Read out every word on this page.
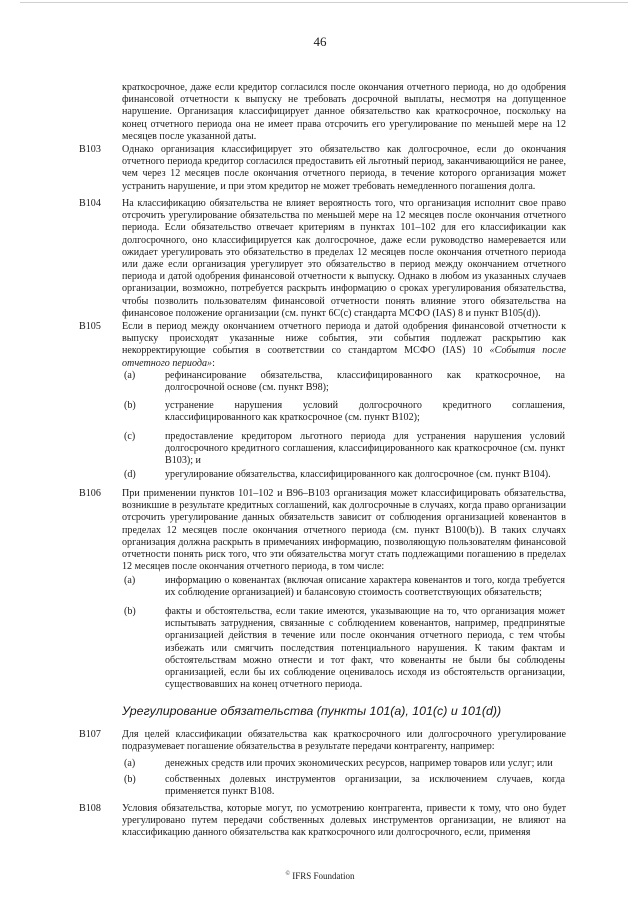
46
краткосрочное, даже если кредитор согласился после окончания отчетного периода, но до одобрения финансовой отчетности к выпуску не требовать досрочной выплаты, несмотря на допущенное нарушение. Организация классифицирует данное обязательство как краткосрочное, поскольку на конец отчетного периода она не имеет права отсрочить его урегулирование по меньшей мере на 12 месяцев после указанной даты.
B103 Однако организация классифицирует это обязательство как долгосрочное, если до окончания отчетного периода кредитор согласился предоставить ей льготный период, заканчивающийся не ранее, чем через 12 месяцев после окончания отчетного периода, в течение которого организация может устранить нарушение, и при этом кредитор не может требовать немедленного погашения долга.
B104 На классификацию обязательства не влияет вероятность того, что организация исполнит свое право отсрочить урегулирование обязательства по меньшей мере на 12 месяцев после окончания отчетного периода. Если обязательство отвечает критериям в пунктах 101–102 для его классификации как долгосрочного, оно классифицируется как долгосрочное, даже если руководство намеревается или ожидает урегулировать это обязательство в пределах 12 месяцев после окончания отчетного периода или даже если организация урегулирует это обязательство в период между окончанием отчетного периода и датой одобрения финансовой отчетности к выпуску. Однако в любом из указанных случаев организации, возможно, потребуется раскрыть информацию о сроках урегулирования обязательства, чтобы позволить пользователям финансовой отчетности понять влияние этого обязательства на финансовое положение организации (см. пункт 6С(с) стандарта МСФО (IAS) 8 и пункт B105(d)).
B105 Если в период между окончанием отчетного периода и датой одобрения финансовой отчетности к выпуску происходят указанные ниже события, эти события подлежат раскрытию как некорректирующие события в соответствии со стандартом МСФО (IAS) 10 «События после отчетного периода»:
(a)	рефинансирование обязательства, классифицированного как краткосрочное, на долгосрочной основе (см. пункт B98);
(b)	устранение нарушения условий долгосрочного кредитного соглашения, классифицированного как краткосрочное (см. пункт B102);
(c)	предоставление кредитором льготного периода для устранения нарушения условий долгосрочного кредитного соглашения, классифицированного как краткосрочное (см. пункт B103); и
(d)	урегулирование обязательства, классифицированного как долгосрочное (см. пункт B104).
B106 При применении пунктов 101–102 и B96–B103 организация может классифицировать обязательства, возникшие в результате кредитных соглашений, как долгосрочные в случаях, когда право организации отсрочить урегулирование данных обязательств зависит от соблюдения организацией ковенантов в пределах 12 месяцев после окончания отчетного периода (см. пункт B100(b)). В таких случаях организация должна раскрыть в примечаниях информацию, позволяющую пользователям финансовой отчетности понять риск того, что эти обязательства могут стать подлежащими погашению в пределах 12 месяцев после окончания отчетного периода, в том числе:
(a)	информацию о ковенантах (включая описание характера ковенантов и того, когда требуется их соблюдение организацией) и балансовую стоимость соответствующих обязательств;
(b)	факты и обстоятельства, если такие имеются, указывающие на то, что организация может испытывать затруднения, связанные с соблюдением ковенантов, например, предпринятые организацией действия в течение или после окончания отчетного периода, с тем чтобы избежать или смягчить последствия потенциального нарушения. К таким фактам и обстоятельствам можно отнести и тот факт, что ковенанты не были бы соблюдены организацией, если бы их соблюдение оценивалось исходя из обстоятельств организации, существовавших на конец отчетного периода.
Урегулирование обязательства (пункты 101(a), 101(c) и 101(d))
B107 Для целей классификации обязательства как краткосрочного или долгосрочного урегулирование подразумевает погашение обязательства в результате передачи контрагенту, например:
(a)	денежных средств или прочих экономических ресурсов, например товаров или услуг; или
(b)	собственных долевых инструментов организации, за исключением случаев, когда применяется пункт B108.
B108 Условия обязательства, которые могут, по усмотрению контрагента, привести к тому, что оно будет урегулировано путем передачи собственных долевых инструментов организации, не влияют на классификацию данного обязательства как краткосрочного или долгосрочного, если, применяя
© IFRS Foundation
